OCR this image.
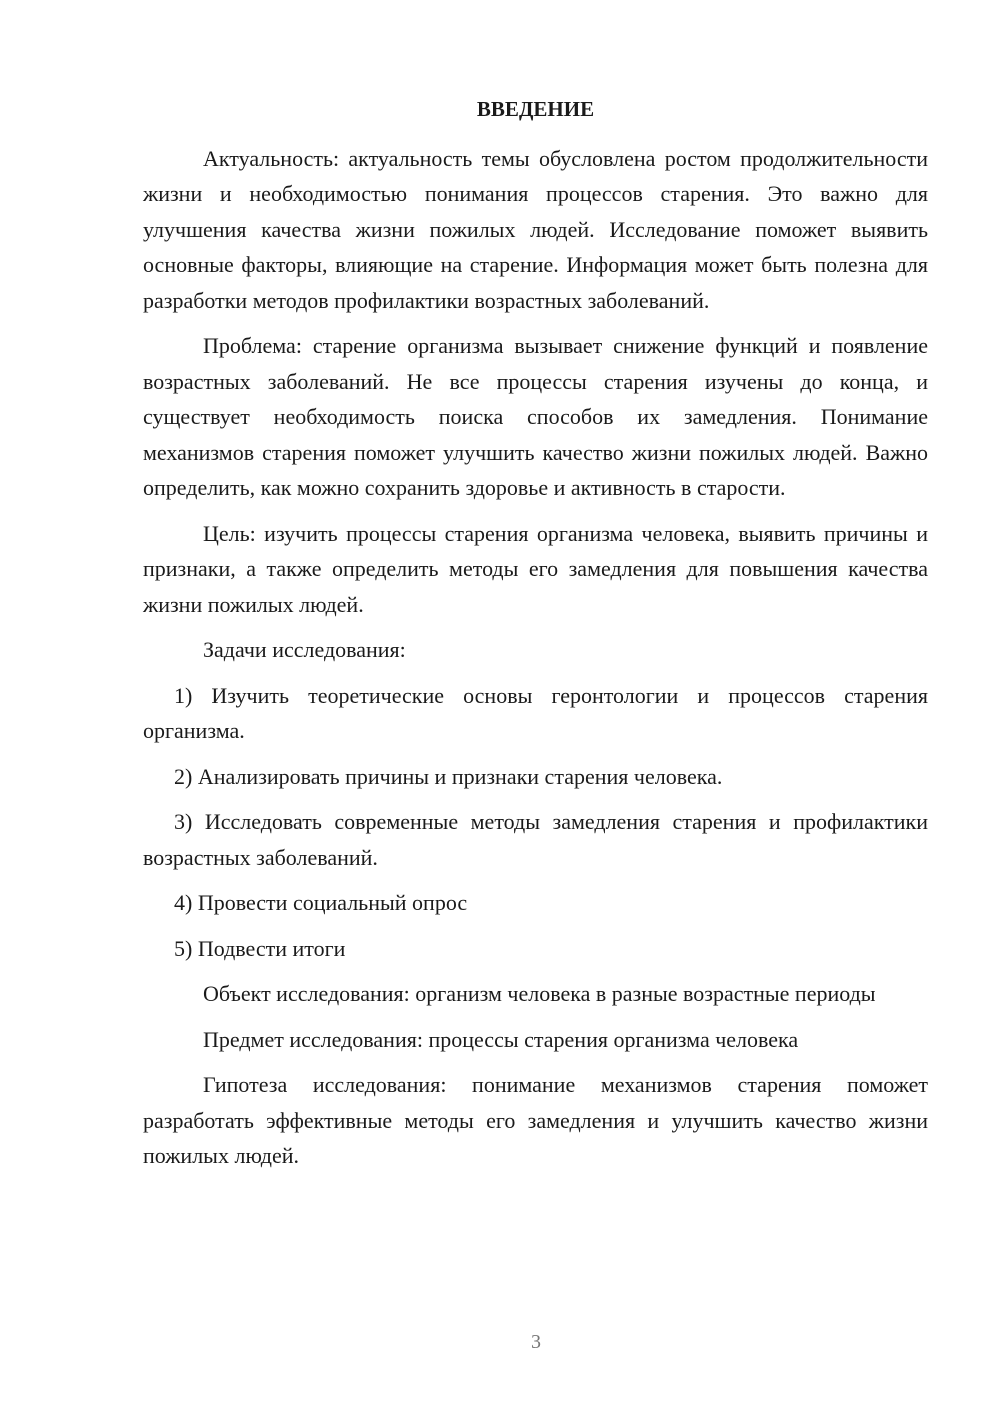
ВВЕДЕНИЕ
Актуальность: актуальность темы обусловлена ростом продолжительности жизни и необходимостью понимания процессов старения. Это важно для улучшения качества жизни пожилых людей. Исследование поможет выявить основные факторы, влияющие на старение. Информация может быть полезна для разработки методов профилактики возрастных заболеваний.
Проблема: старение организма вызывает снижение функций и появление возрастных заболеваний. Не все процессы старения изучены до конца, и существует необходимость поиска способов их замедления. Понимание механизмов старения поможет улучшить качество жизни пожилых людей. Важно определить, как можно сохранить здоровье и активность в старости.
Цель: изучить процессы старения организма человека, выявить причины и признаки, а также определить методы его замедления для повышения качества жизни пожилых людей.
Задачи исследования:
1) Изучить теоретические основы геронтологии и процессов старения организма.
2) Анализировать причины и признаки старения человека.
3) Исследовать современные методы замедления старения и профилактики возрастных заболеваний.
4) Провести социальный опрос
5) Подвести итоги
Объект исследования: организм человека в разные возрастные периоды
Предмет исследования: процессы старения организма человека
Гипотеза исследования: понимание механизмов старения поможет разработать эффективные методы его замедления и улучшить качество жизни пожилых людей.
3
